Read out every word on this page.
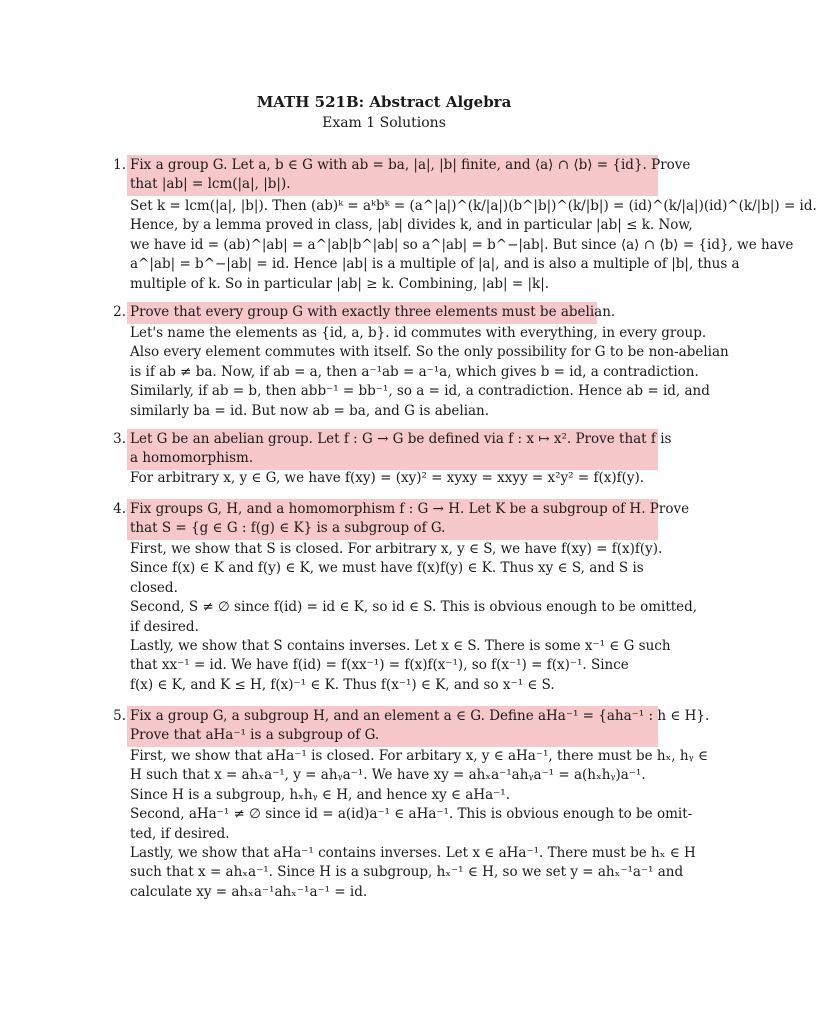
MATH 521B: Abstract Algebra
Exam 1 Solutions
1. Fix a group G. Let a, b ∈ G with ab = ba, |a|, |b| finite, and ⟨a⟩ ∩ ⟨b⟩ = {id}. Prove
that |ab| = lcm(|a|, |b|).
Set k = lcm(|a|, |b|). Then (ab)ᵏ = aᵏbᵏ = (a^|a|)^(k/|a|)(b^|b|)^(k/|b|) = (id)^(k/|a|)(id)^(k/|b|) = id.
Hence, by a lemma proved in class, |ab| divides k, and in particular |ab| ≤ k. Now,
we have id = (ab)^|ab| = a^|ab|b^|ab| so a^|ab| = b^−|ab|. But since ⟨a⟩ ∩ ⟨b⟩ = {id}, we have
a^|ab| = b^−|ab| = id. Hence |ab| is a multiple of |a|, and is also a multiple of |b|, thus a
multiple of k. So in particular |ab| ≥ k. Combining, |ab| = |k|.
2. Prove that every group G with exactly three elements must be abelian.
Let's name the elements as {id, a, b}. id commutes with everything, in every group.
Also every element commutes with itself. So the only possibility for G to be non-abelian
is if ab ≠ ba. Now, if ab = a, then a⁻¹ab = a⁻¹a, which gives b = id, a contradiction.
Similarly, if ab = b, then abb⁻¹ = bb⁻¹, so a = id, a contradiction. Hence ab = id, and
similarly ba = id. But now ab = ba, and G is abelian.
3. Let G be an abelian group. Let f : G → G be defined via f : x ↦ x². Prove that f is
a homomorphism.
For arbitrary x, y ∈ G, we have f(xy) = (xy)² = xyxy = xxyy = x²y² = f(x)f(y).
4. Fix groups G, H, and a homomorphism f : G → H. Let K be a subgroup of H. Prove
that S = {g ∈ G : f(g) ∈ K} is a subgroup of G.
First, we show that S is closed. For arbitrary x, y ∈ S, we have f(xy) = f(x)f(y).
Since f(x) ∈ K and f(y) ∈ K, we must have f(x)f(y) ∈ K. Thus xy ∈ S, and S is
closed.
Second, S ≠ ∅ since f(id) = id ∈ K, so id ∈ S. This is obvious enough to be omitted,
if desired.
Lastly, we show that S contains inverses. Let x ∈ S. There is some x⁻¹ ∈ G such
that xx⁻¹ = id. We have f(id) = f(xx⁻¹) = f(x)f(x⁻¹), so f(x⁻¹) = f(x)⁻¹. Since
f(x) ∈ K, and K ≤ H, f(x)⁻¹ ∈ K. Thus f(x⁻¹) ∈ K, and so x⁻¹ ∈ S.
5. Fix a group G, a subgroup H, and an element a ∈ G. Define aHa⁻¹ = {aha⁻¹ : h ∈ H}.
Prove that aHa⁻¹ is a subgroup of G.
First, we show that aHa⁻¹ is closed. For arbitary x, y ∈ aHa⁻¹, there must be hₓ, hᵧ ∈
H such that x = ahₓa⁻¹, y = ahᵧa⁻¹. We have xy = ahₓa⁻¹ahᵧa⁻¹ = a(hₓhᵧ)a⁻¹.
Since H is a subgroup, hₓhᵧ ∈ H, and hence xy ∈ aHa⁻¹.
Second, aHa⁻¹ ≠ ∅ since id = a(id)a⁻¹ ∈ aHa⁻¹. This is obvious enough to be omit-
ted, if desired.
Lastly, we show that aHa⁻¹ contains inverses. Let x ∈ aHa⁻¹. There must be hₓ ∈ H
such that x = ahₓa⁻¹. Since H is a subgroup, hₓ⁻¹ ∈ H, so we set y = ahₓ⁻¹a⁻¹ and
calculate xy = ahₓa⁻¹ahₓ⁻¹a⁻¹ = id.
